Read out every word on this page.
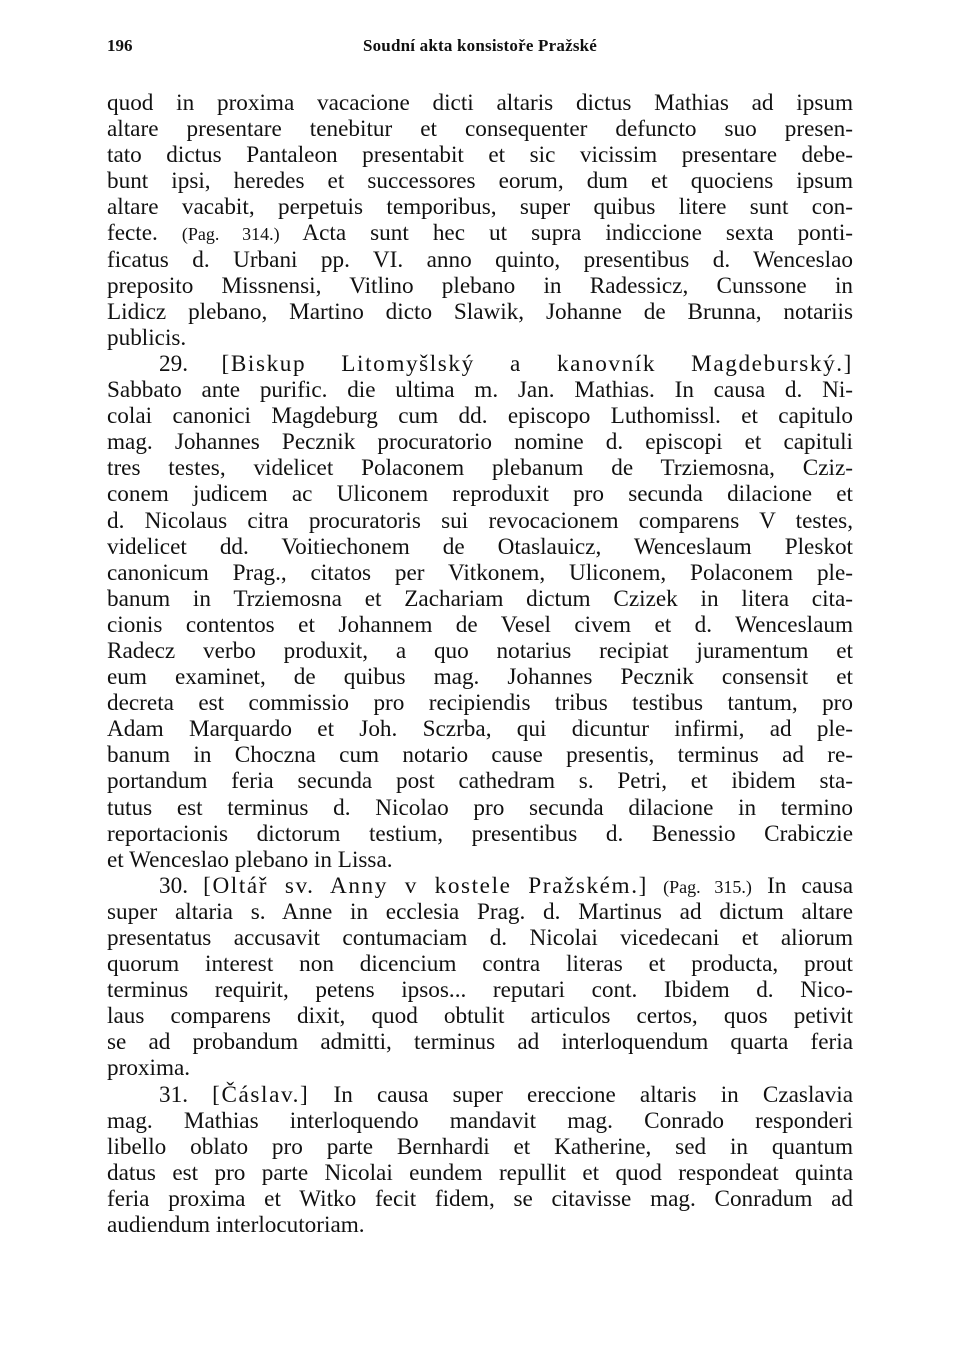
196	Soudní akta konsistoře Pražské
quod in proxima vacacione dicti altaris dictus Mathias ad ipsum
altare presentare tenebitur et consequenter defuncto suo presen-
tato dictus Pantaleon presentabit et sic vicissim presentare debe-
bunt ipsi, heredes et successores eorum, dum et quociens ipsum
altare vacabit, perpetuis temporibus, super quibus litere sunt con-
fecte. (Pag. 314.) Acta sunt hec ut supra indiccione sexta ponti-
ficatus d. Urbani pp. VI. anno quinto, presentibus d. Wenceslao
preposito Missnensi, Vitlino plebano in Radessicz, Cunssone in
Lidicz plebano, Martino dicto Slawik, Johanne de Brunna, notariis
publicis.
29. [Biskup Litomyšlský a kanovník Magdeburský.]
Sabbato ante purific. die ultima m. Jan. Mathias. In causa d. Ni-
colai canonici Magdeburg cum dd. episcopo Luthomissl. et capitulo
mag. Johannes Pecznik procuratorio nomine d. episcopi et capituli
tres testes, videlicet Polaconem plebanum de Trziemosna, Cziz-
conem judicem ac Uliconem reproduxit pro secunda dilacione et
d. Nicolaus citra procuratoris sui revocacionem comparens V testes,
videlicet dd. Voitiechonem de Otaslauicz, Wenceslaum Pleskot
canonicum Prag., citatos per Vitkonem, Uliconem, Polaconem ple-
banum in Trziemosna et Zachariam dictum Czizek in litera cita-
cionis contentos et Johannem de Vesel civem et d. Wenceslaum
Radecz verbo produxit, a quo notarius recipiat juramentum et
eum examinet, de quibus mag. Johannes Pecznik consensit et
decreta est commissio pro recipiendis tribus testibus tantum, pro
Adam Marquardo et Joh. Sczrba, qui dicuntur infirmi, ad ple-
banum in Choczna cum notario cause presentis, terminus ad re-
portandum feria secunda post cathedram s. Petri, et ibidem sta-
tutus est terminus d. Nicolao pro secunda dilacione in termino
reportacionis dictorum testium, presentibus d. Benessio Crabiczie
et Wenceslao plebano in Lissa.
30. [Oltář sv. Anny v kostele Pražském.] (Pag. 315.) In causa
super altaria s. Anne in ecclesia Prag. d. Martinus ad dictum altare
presentatus accusavit contumaciam d. Nicolai vicedecani et aliorum
quorum interest non dicencium contra literas et producta, prout
terminus requirit, petens ipsos... reputari cont. Ibidem d. Nico-
laus comparens dixit, quod obtulit articulos certos, quos petivit
se ad probandum admitti, terminus ad interloquendum quarta feria
proxima.
31. [Čáslav.] In causa super ereccione altaris in Czaslavia
mag. Mathias interloquendo mandavit mag. Conrado responderi
libello oblato pro parte Bernhardi et Katherine, sed in quantum
datus est pro parte Nicolai eundem repullit et quod respondeat quinta
feria proxima et Witko fecit fidem, se citavisse mag. Conradum ad
audiendum interlocutoriam.
